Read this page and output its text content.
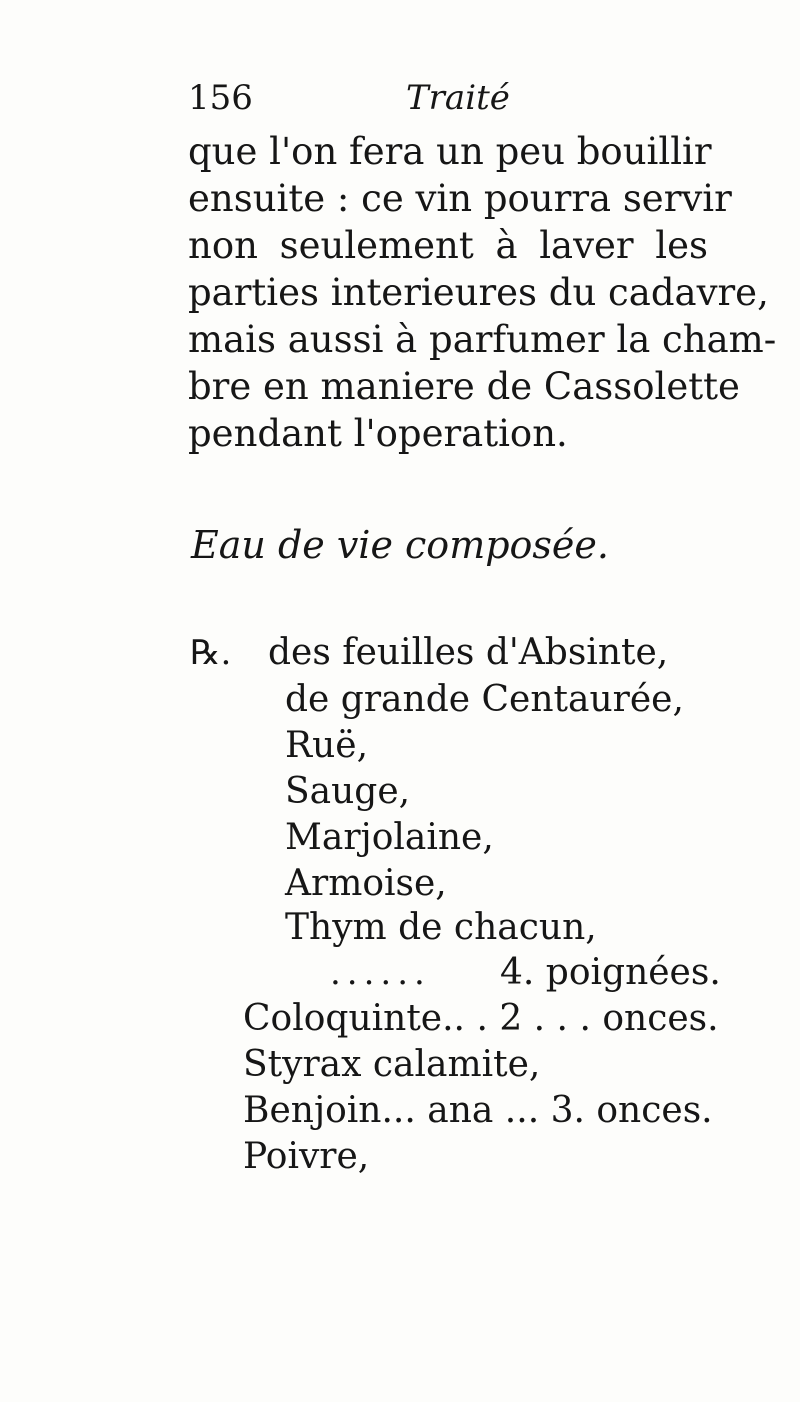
156	Traité
que l'on fera un peu bouillir
ensuite : ce vin pourra servir
non seulement à laver les
parties interieures du cadavre,
mais aussi à parfumer la cham-
bre en maniere de Cassolette
pendant l'operation.
Eau de vie composée.
℞. des feuilles d'Absinte,
de grande Centaurée,
Ruë,
Sauge,
Marjolaine,
Armoise,
Thym de chacun,
...... 4. poignées.
Coloquinte.. . 2 . . . onces.
Styrax calamite,
Benjoin... ana ... 3. onces.
Poivre,
